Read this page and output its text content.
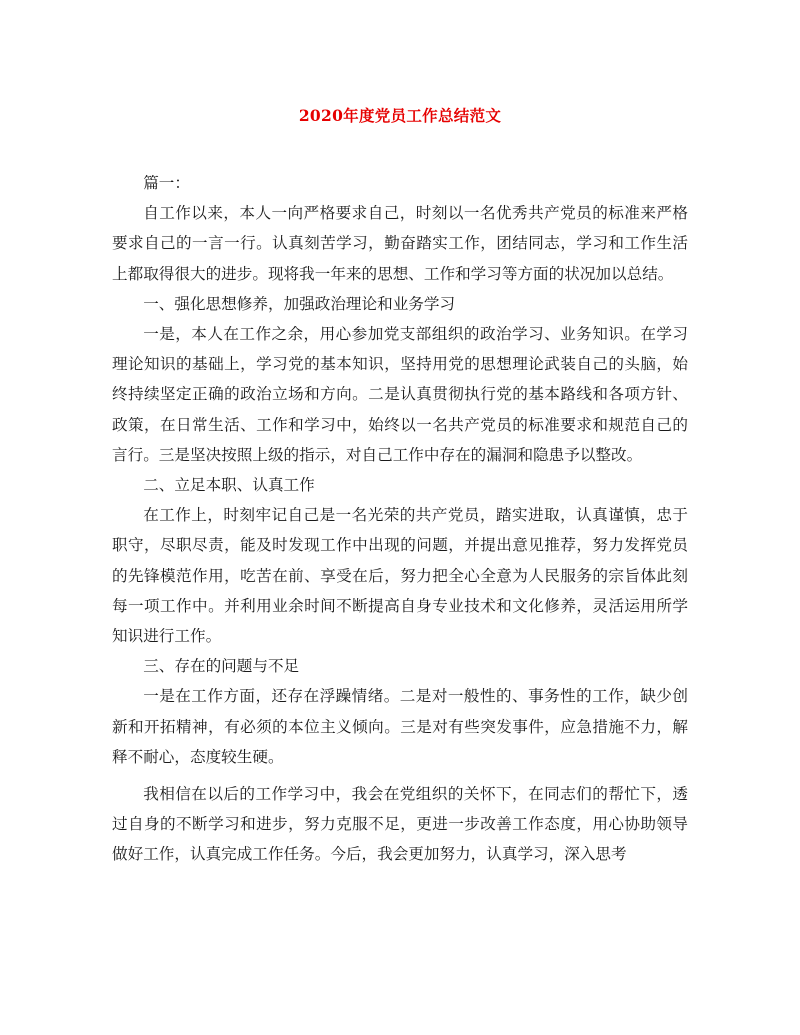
2020年度党员工作总结范文

篇一：

自工作以来，本人一向严格要求自己，时刻以一名优秀共产党员的标准来严格要求自己的一言一行。认真刻苦学习，勤奋踏实工作，团结同志，学习和工作生活上都取得很大的进步。现将我一年来的思想、工作和学习等方面的状况加以总结。

一、强化思想修养，加强政治理论和业务学习

一是，本人在工作之余，用心参加党支部组织的政治学习、业务知识。在学习理论知识的基础上，学习党的基本知识，坚持用党的思想理论武装自己的头脑，始终持续坚定正确的政治立场和方向。二是认真贯彻执行党的基本路线和各项方针、政策，在日常生活、工作和学习中，始终以一名共产党员的标准要求和规范自己的言行。三是坚决按照上级的指示，对自己工作中存在的漏洞和隐患予以整改。

二、立足本职、认真工作

在工作上，时刻牢记自己是一名光荣的共产党员，踏实进取，认真谨慎，忠于职守，尽职尽责，能及时发现工作中出现的问题，并提出意见推荐，努力发挥党员的先锋模范作用，吃苦在前、享受在后，努力把全心全意为人民服务的宗旨体此刻每一项工作中。并利用业余时间不断提高自身专业技术和文化修养，灵活运用所学知识进行工作。

三、存在的问题与不足

一是在工作方面，还存在浮躁情绪。二是对一般性的、事务性的工作，缺少创新和开拓精神，有必须的本位主义倾向。三是对有些突发事件，应急措施不力，解释不耐心，态度较生硬。

我相信在以后的工作学习中，我会在党组织的关怀下，在同志们的帮忙下，透过自身的不断学习和进步，努力克服不足，更进一步改善工作态度，用心协助领导做好工作，认真完成工作任务。今后，我会更加努力，认真学习，深入思考
